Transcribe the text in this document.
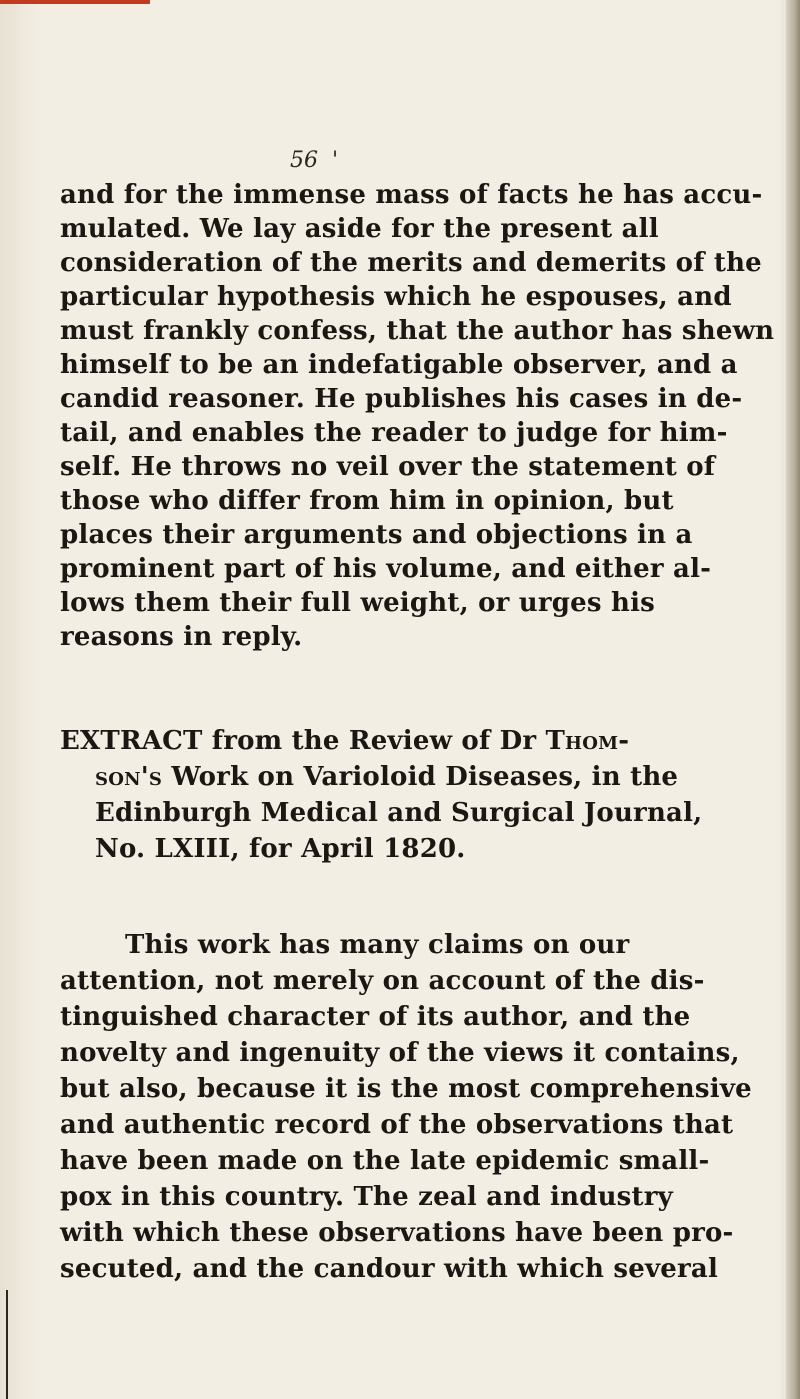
56 '
and for the immense mass of facts he has accu-
mulated. We lay aside for the present all
consideration of the merits and demerits of the
particular hypothesis which he espouses, and
must frankly confess, that the author has shewn
himself to be an indefatigable observer, and a
candid reasoner. He publishes his cases in de-
tail, and enables the reader to judge for him-
self. He throws no veil over the statement of
those who differ from him in opinion, but
places their arguments and objections in a
prominent part of his volume, and either al-
lows them their full weight, or urges his
reasons in reply.
EXTRACT from the Review of Dr Thom-
son's Work on Varioloid Diseases, in the
Edinburgh Medical and Surgical Journal,
No. LXIII, for April 1820.
This work has many claims on our
attention, not merely on account of the dis-
tinguished character of its author, and the
novelty and ingenuity of the views it contains,
but also, because it is the most comprehensive
and authentic record of the observations that
have been made on the late epidemic small-
pox in this country. The zeal and industry
with which these observations have been pro-
secuted, and the candour with which several
